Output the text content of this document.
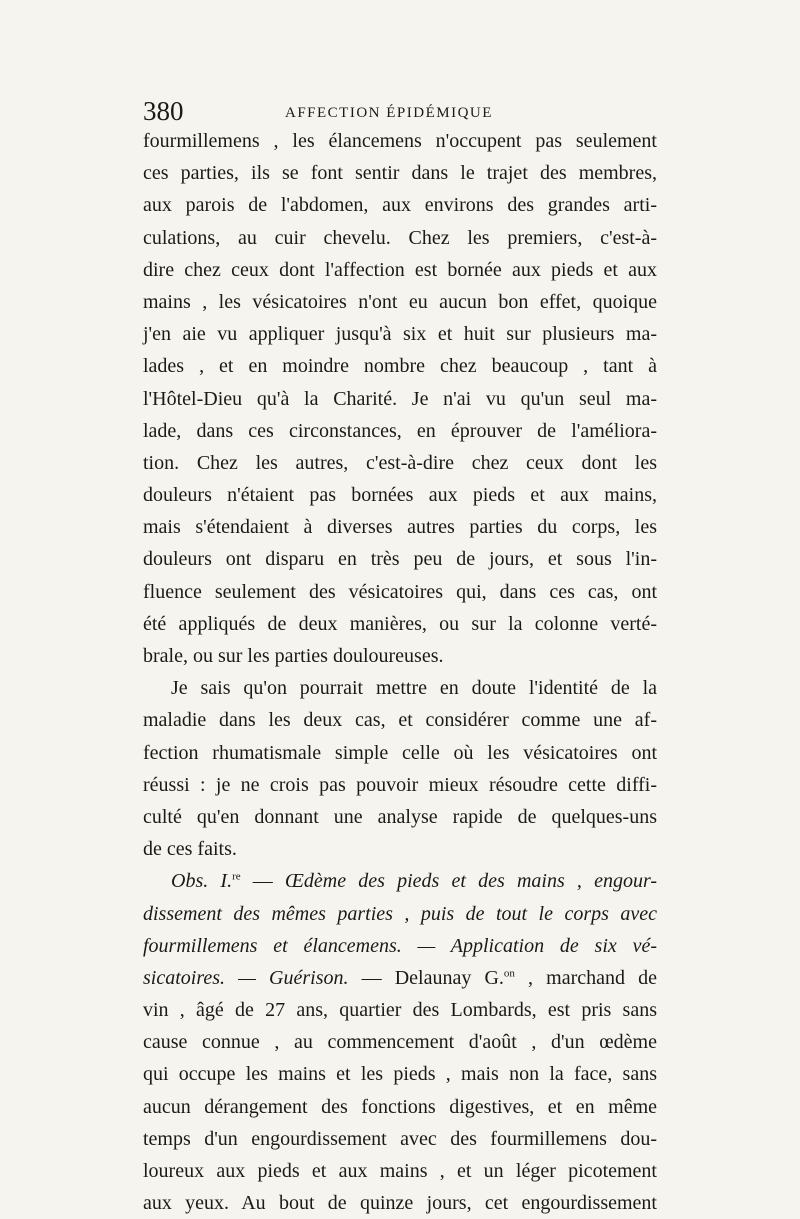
380	AFFECTION ÉPIDÉMIQUE
fourmillemens , les élancemens n'occupent pas seulement
ces parties, ils se font sentir dans le trajet des membres,
aux parois de l'abdomen, aux environs des grandes arti-
culations, au cuir chevelu. Chez les premiers, c'est-à-
dire chez ceux dont l'affection est bornée aux pieds et aux
mains , les vésicatoires n'ont eu aucun bon effet, quoique
j'en aie vu appliquer jusqu'à six et huit sur plusieurs ma-
lades , et en moindre nombre chez beaucoup , tant à
l'Hôtel-Dieu qu'à la Charité. Je n'ai vu qu'un seul ma-
lade, dans ces circonstances, en éprouver de l'améliora-
tion. Chez les autres, c'est-à-dire chez ceux dont les
douleurs n'étaient pas bornées aux pieds et aux mains,
mais s'étendaient à diverses autres parties du corps, les
douleurs ont disparu en très peu de jours, et sous l'in-
fluence seulement des vésicatoires qui, dans ces cas, ont
été appliqués de deux manières, ou sur la colonne verté-
brale, ou sur les parties douloureuses.
Je sais qu'on pourrait mettre en doute l'identité de la
maladie dans les deux cas, et considérer comme une af-
fection rhumatismale simple celle où les vésicatoires ont
réussi : je ne crois pas pouvoir mieux résoudre cette diffi-
culté qu'en donnant une analyse rapide de quelques-uns
de ces faits.
Obs. I.$^{re}$ — Œdème des pieds et des mains , engour-
dissement des mêmes parties , puis de tout le corps avec
fourmillemens et élancemens. — Application de six vé-
sicatoires. — Guérison. — Delaunay G.$^{on}$ , marchand de
vin , âgé de 27 ans, quartier des Lombards, est pris sans
cause connue , au commencement d'août , d'un œdème
qui occupe les mains et les pieds , mais non la face, sans
aucun dérangement des fonctions digestives, et en même
temps d'un engourdissement avec des fourmillemens dou-
loureux aux pieds et aux mains , et un léger picotement
aux yeux. Au bout de quinze jours, cet engourdissement
